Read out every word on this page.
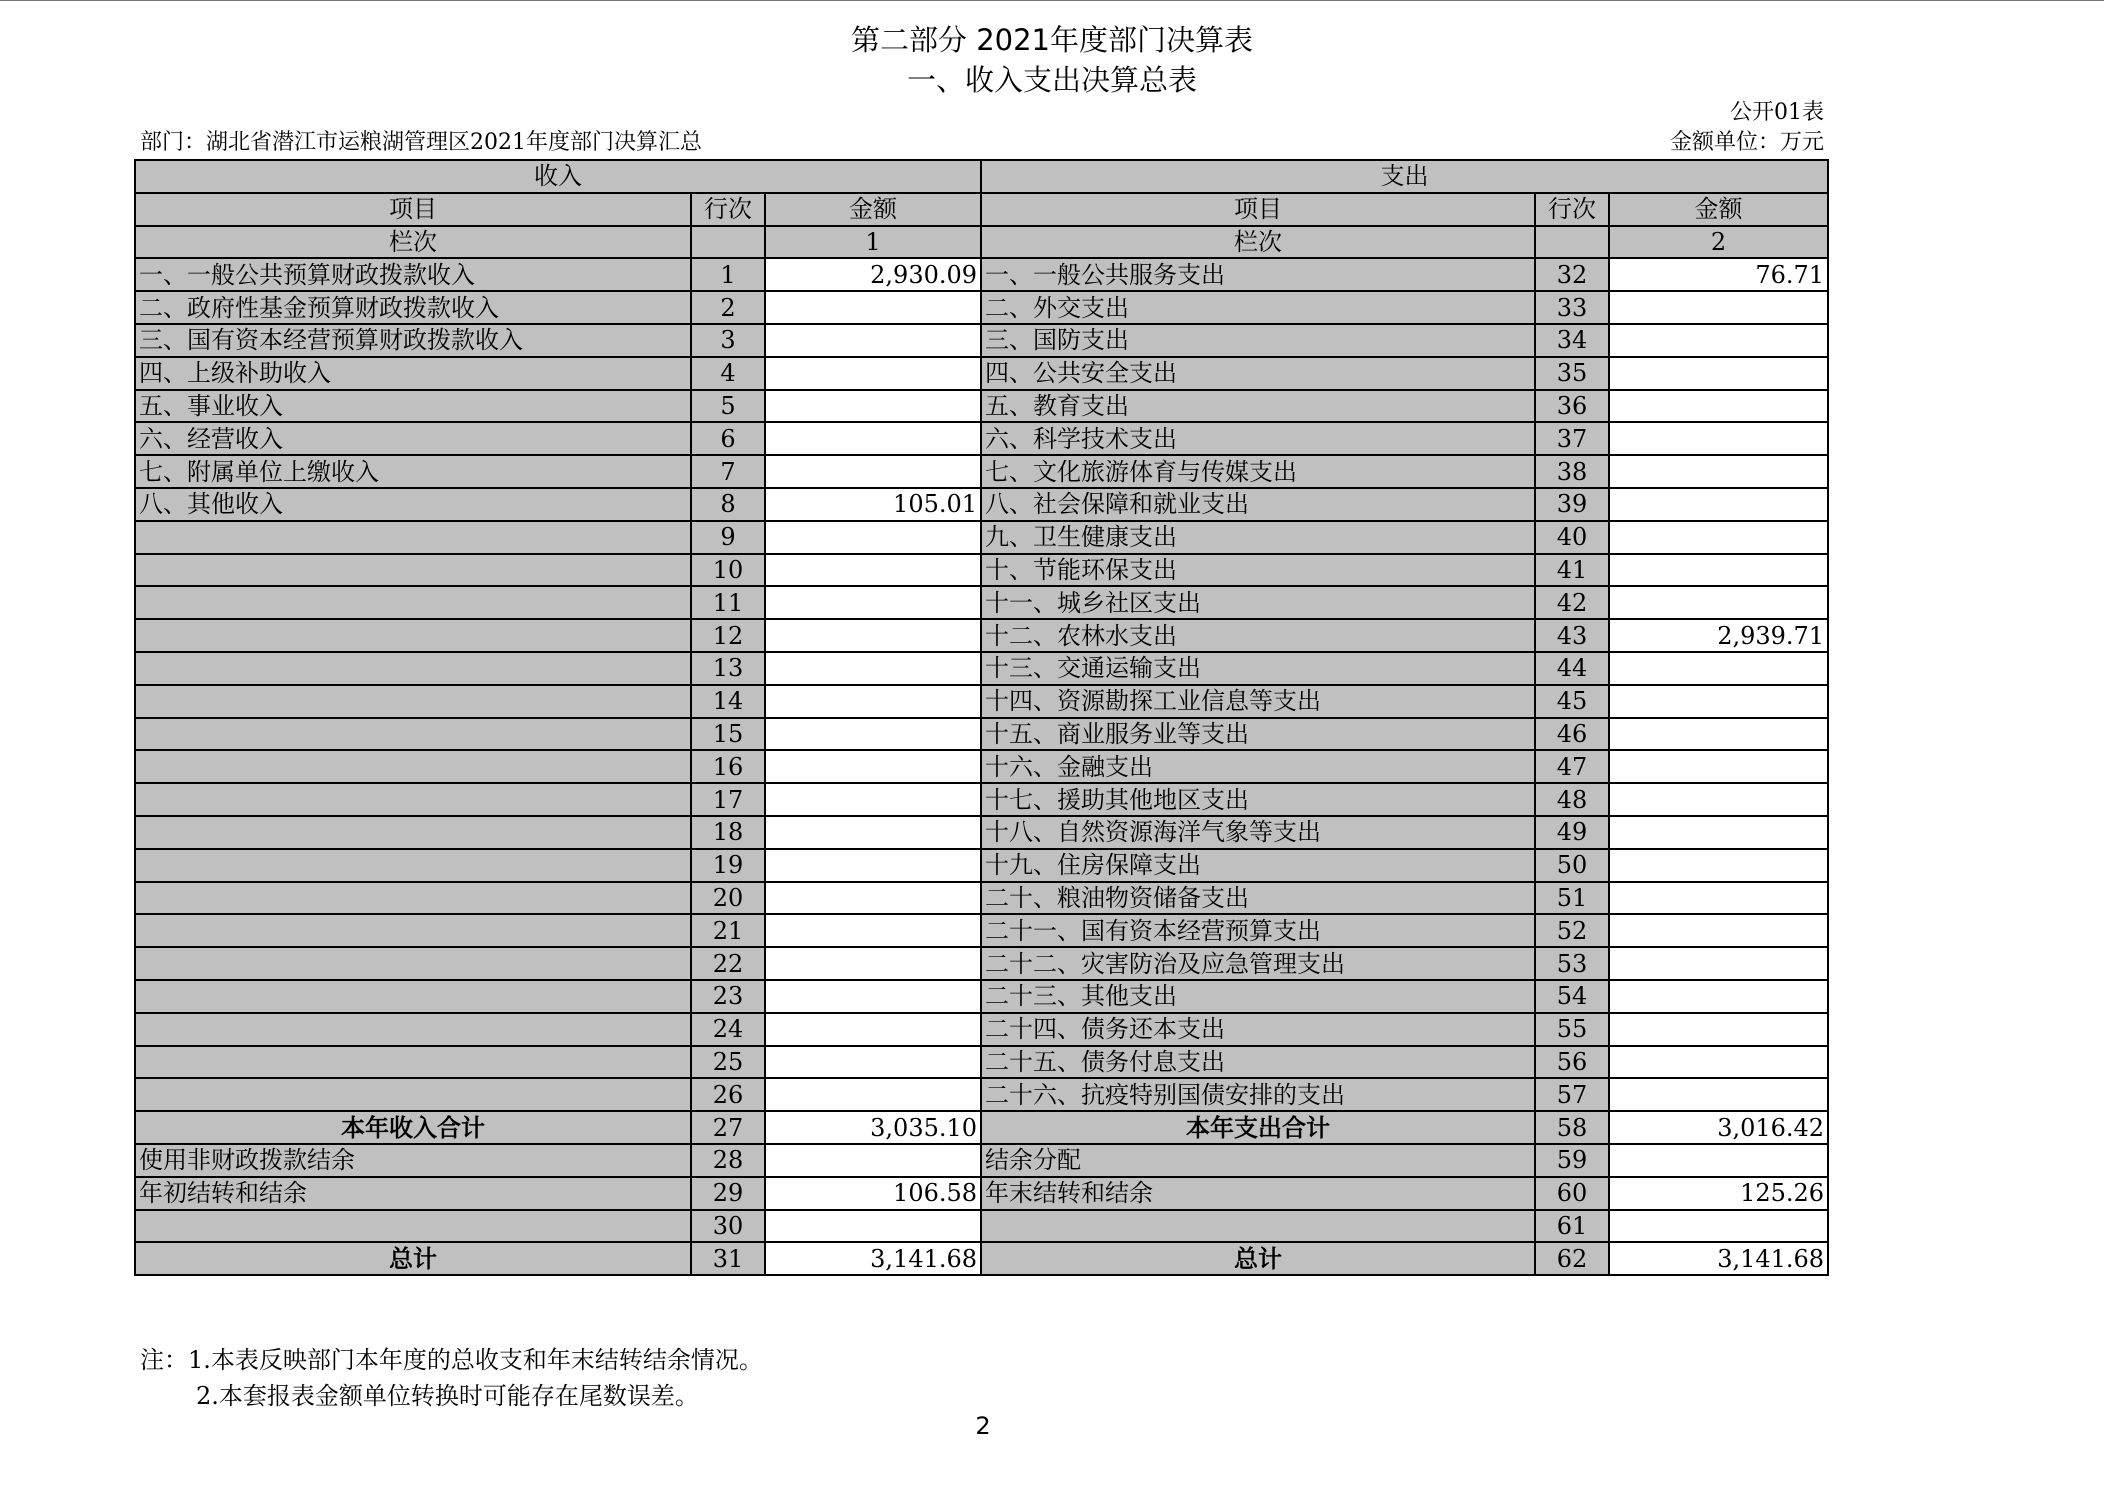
第二部分 2021年度部门决算表
一、收入支出决算总表
公开01表
部门：湖北省潜江市运粮湖管理区2021年度部门决算汇总	金额单位：万元
收入			支出		
项目	行次	金额	项目	行次	金额
栏次		1	栏次		2
一、一般公共预算财政拨款收入	1	2,930.09	一、一般公共服务支出	32	76.71
二、政府性基金预算财政拨款收入	2		二、外交支出	33	
三、国有资本经营预算财政拨款收入	3		三、国防支出	34	
四、上级补助收入	4		四、公共安全支出	35	
五、事业收入	5		五、教育支出	36	
六、经营收入	6		六、科学技术支出	37	
七、附属单位上缴收入	7		七、文化旅游体育与传媒支出	38	
八、其他收入	8	105.01	八、社会保障和就业支出	39	
	9		九、卫生健康支出	40	
	10		十、节能环保支出	41	
	11		十一、城乡社区支出	42	
	12		十二、农林水支出	43	2,939.71
	13		十三、交通运输支出	44	
	14		十四、资源勘探工业信息等支出	45	
	15		十五、商业服务业等支出	46	
	16		十六、金融支出	47	
	17		十七、援助其他地区支出	48	
	18		十八、自然资源海洋气象等支出	49	
	19		十九、住房保障支出	50	
	20		二十、粮油物资储备支出	51	
	21		二十一、国有资本经营预算支出	52	
	22		二十二、灾害防治及应急管理支出	53	
	23		二十三、其他支出	54	
	24		二十四、债务还本支出	55	
	25		二十五、债务付息支出	56	
	26		二十六、抗疫特别国债安排的支出	57	
本年收入合计	27	3,035.10	本年支出合计	58	3,016.42
使用非财政拨款结余	28		结余分配	59	
年初结转和结余	29	106.58	年末结转和结余	60	125.26
	30			61	
总计	31	3,141.68	总计	62	3,141.68
注：1.本表反映部门本年度的总收支和年末结转结余情况。
2.本套报表金额单位转换时可能存在尾数误差。
2
